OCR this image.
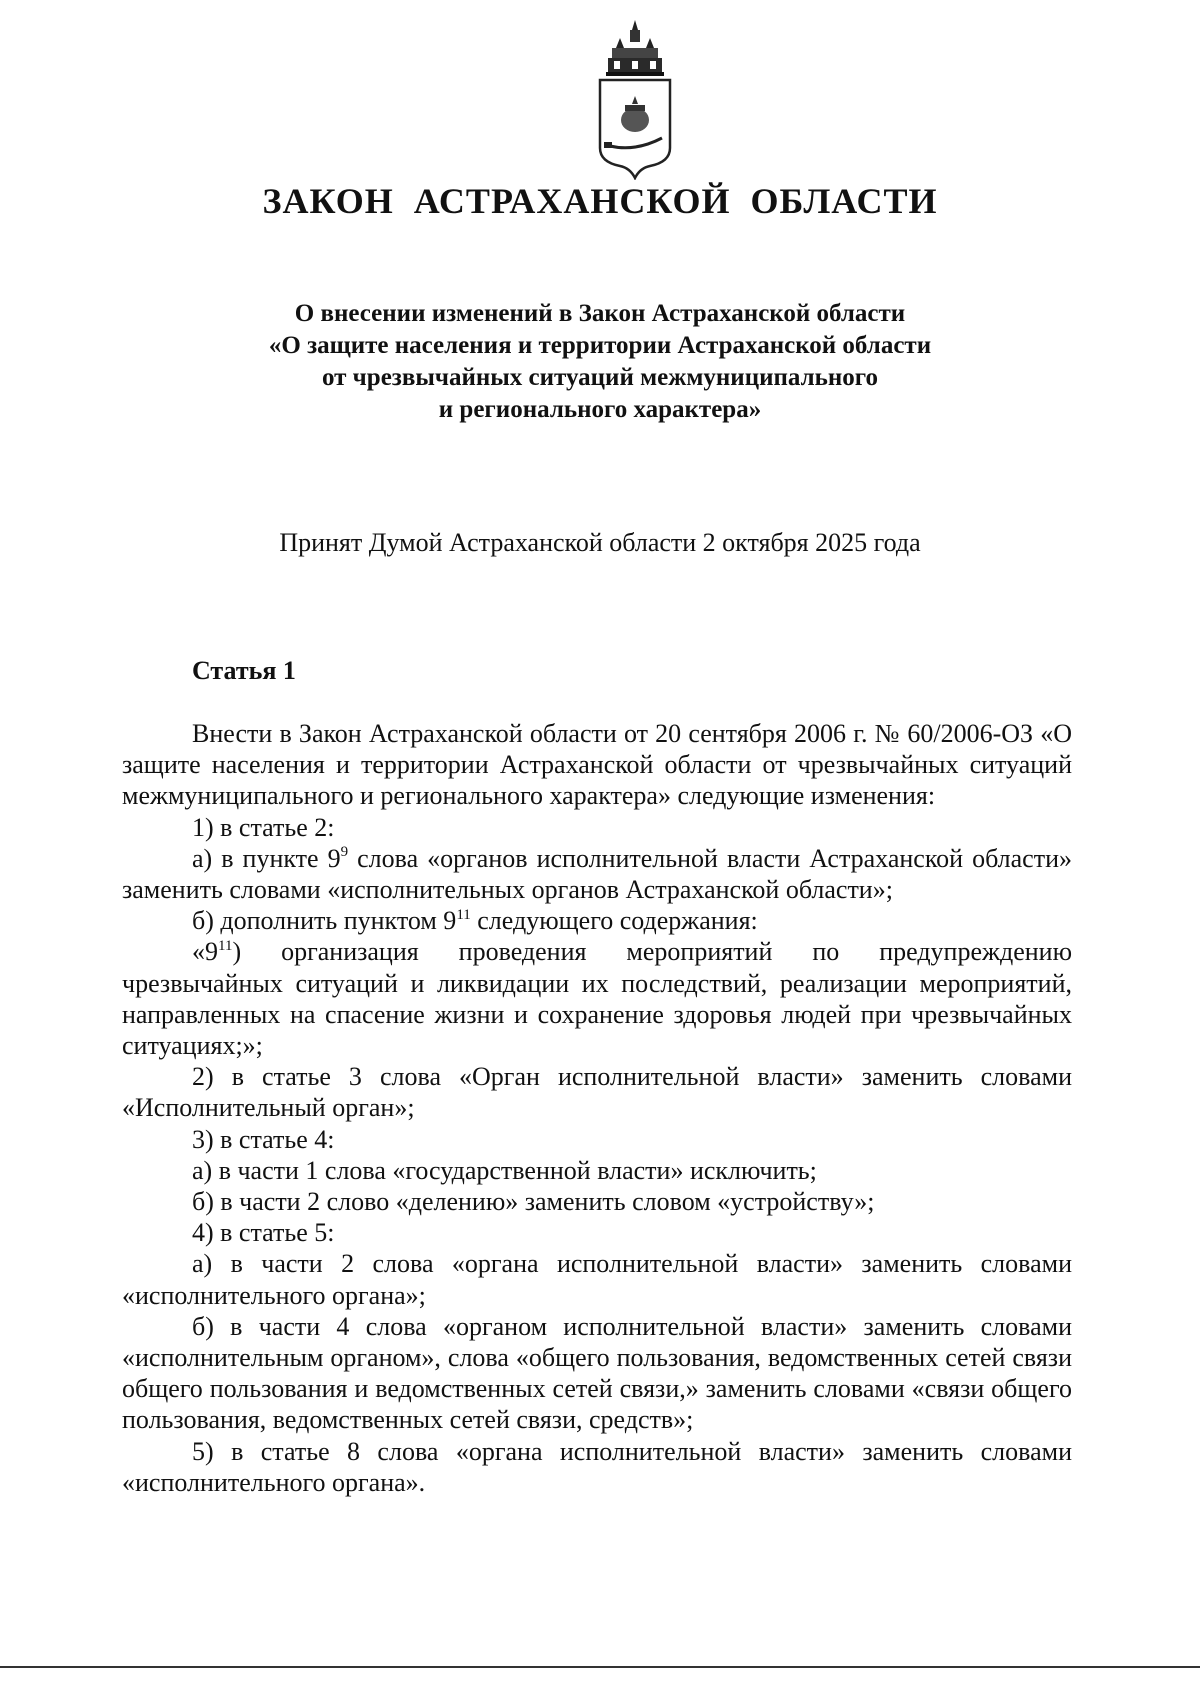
ЗАКОН АСТРАХАНСКОЙ ОБЛАСТИ
О внесении изменений в Закон Астраханской области
«О защите населения и территории Астраханской области
от чрезвычайных ситуаций межмуниципального
и регионального характера»
Принят Думой Астраханской области 2 октября 2025 года
Статья 1

Внести в Закон Астраханской области от 20 сентября 2006 г. № 60/2006-ОЗ «О защите населения и территории Астраханской области от чрезвычайных ситуаций межмуниципального и регионального характера» следующие изменения:

1) в статье 2:

а) в пункте $9^9$ слова «органов исполнительной власти Астраханской области» заменить словами «исполнительных органов Астраханской области»;

б) дополнить пунктом $9^{11}$ следующего содержания:

«$9^{11}$) организация проведения мероприятий по предупреждению чрезвычайных ситуаций и ликвидации их последствий, реализации мероприятий, направленных на спасение жизни и сохранение здоровья людей при чрезвычайных ситуациях;»;

2) в статье 3 слова «Орган исполнительной власти» заменить словами «Исполнительный орган»;

3) в статье 4:

а) в части 1 слова «государственной власти» исключить;

б) в части 2 слово «делению» заменить словом «устройству»;

4) в статье 5:

а) в части 2 слова «органа исполнительной власти» заменить словами «исполнительного органа»;

б) в части 4 слова «органом исполнительной власти» заменить словами «исполнительным органом», слова «общего пользования, ведомственных сетей связи общего пользования и ведомственных сетей связи,» заменить словами «связи общего пользования, ведомственных сетей связи, средств»;

5) в статье 8 слова «органа исполнительной власти» заменить словами «исполнительного органа».
